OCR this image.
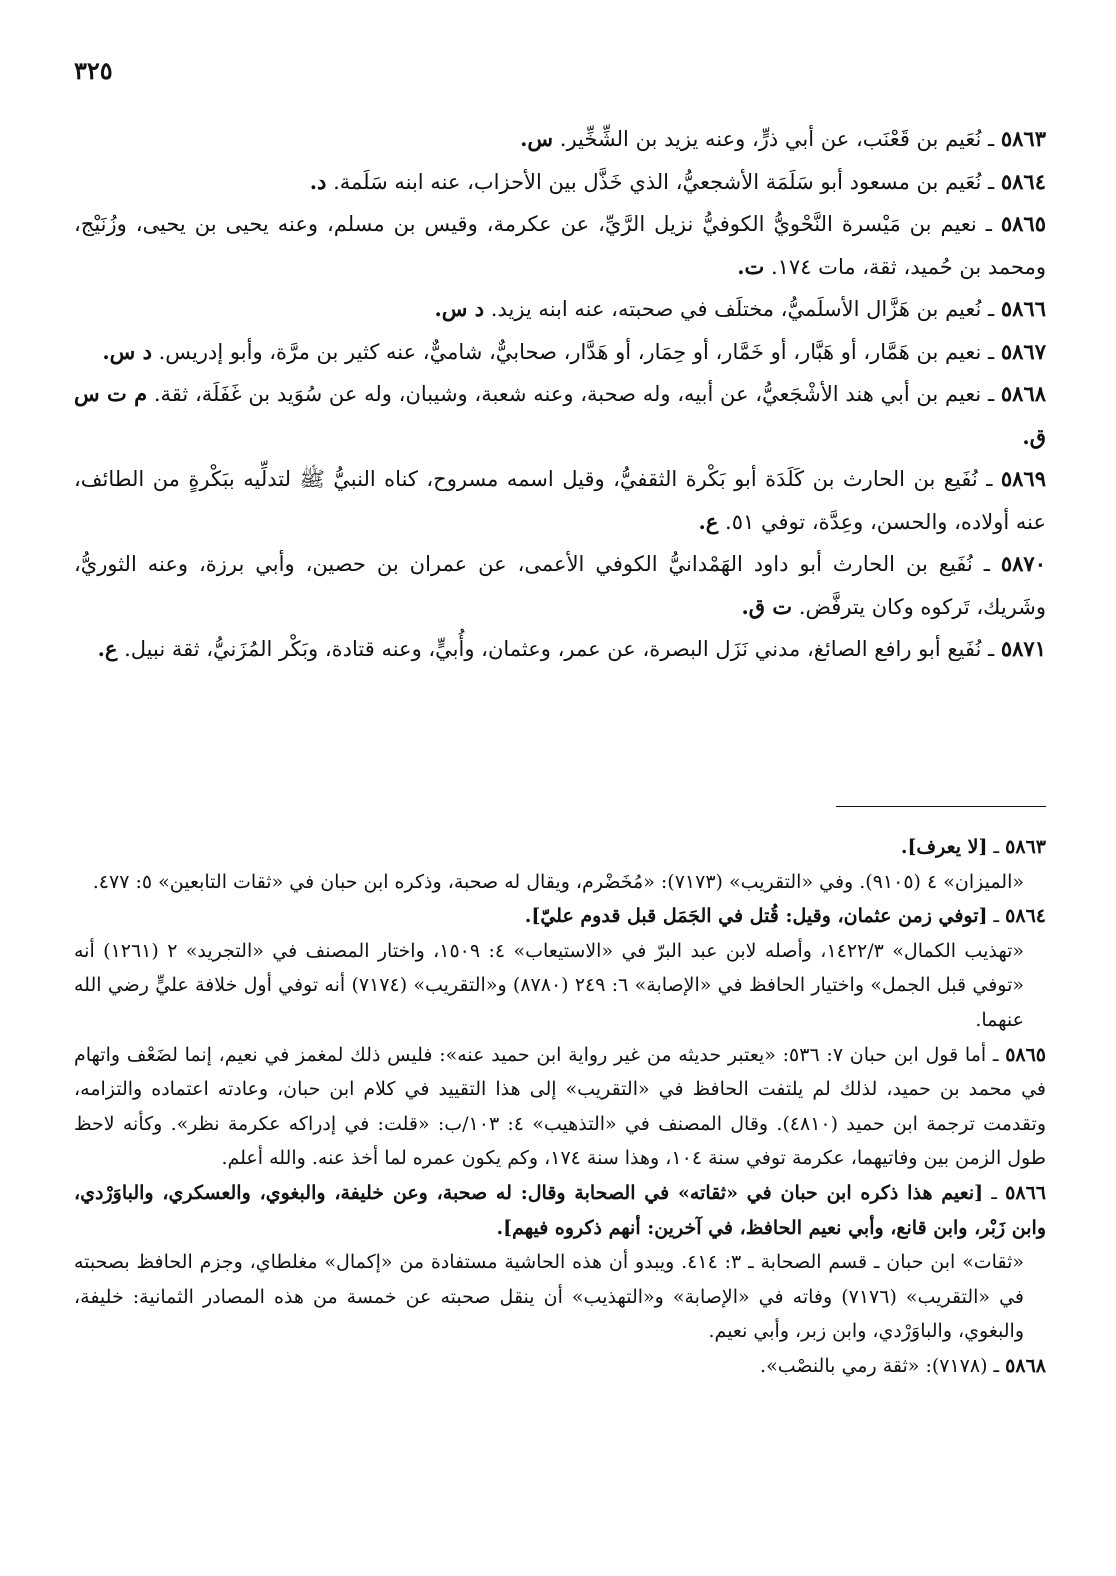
٣٢٥

٥٨٦٣ ـ نُعَيم بن قَعْنَب، عن أبي ذرٍّ، وعنه يزيد بن الشِّخِّير. س.

٥٨٦٤ ـ نُعَيم بن مسعود أبو سَلَمَة الأشجعيُّ، الذي خَذَّل بين الأحزاب، عنه ابنه سَلَمة. د.

٥٨٦٥ ـ نعيم بن مَيْسرة النَّحْويُّ الكوفيُّ نزيل الرَّيِّ، عن عكرمة، وقيس بن مسلم، وعنه يحيى بن يحيى، وزُنَيْج، ومحمد بن حُميد، ثقة، مات ١٧٤. ت.

٥٨٦٦ ـ نُعيم بن هَزَّال الأسلَميُّ، مختلَف في صحبته، عنه ابنه يزيد. د س.

٥٨٦٧ ـ نعيم بن هَمَّار، أو هَبَّار، أو خَمَّار، أو حِمَار، أو هَدَّار، صحابيٌّ، شاميٌّ، عنه كثير بن مرَّة، وأبو إدريس. د س.

٥٨٦٨ ـ نعيم بن أبي هند الأشْجَعيُّ، عن أبيه، وله صحبة، وعنه شعبة، وشيبان، وله عن سُوَيد بن غَفَلَة، ثقة. م ت س ق.

٥٨٦٩ ـ نُفَيع بن الحارث بن كَلَدَة أبو بَكْرة الثقفيُّ، وقيل اسمه مسروح، كناه النبيُّ ﷺ لتدلِّيه ببَكْرةٍ من الطائف، عنه أولاده، والحسن، وعِدَّة، توفي ٥١. ع.

٥٨٧٠ ـ نُفَيع بن الحارث أبو داود الهَمْدانيُّ الكوفي الأعمى، عن عمران بن حصين، وأبي برزة، وعنه الثوريُّ، وشَريك، تَركوه وكان يترفَّض. ت ق.

٥٨٧١ ـ نُفَيع أبو رافع الصائغ، مدني نَزَل البصرة، عن عمر، وعثمان، وأُبيٍّ، وعنه قتادة، وبَكْر المُزَنيُّ، ثقة نبيل. ع.

٥٨٦٣ ـ [لا يعرف].

«الميزان» ٤ (٩١٠٥). وفي «التقريب» (٧١٧٣): «مُخَضْرم، ويقال له صحبة، وذكره ابن حبان في «ثقات التابعين» ٥: ٤٧٧.

٥٨٦٤ ـ [توفي زمن عثمان، وقيل: قُتل في الجَمَل قبل قدوم عليّ].

«تهذيب الكمال» ١٤٢٢/٣، وأصله لابن عبد البرّ في «الاستيعاب» ٤: ١٥٠٩، واختار المصنف في «التجريد» ٢ (١٢٦١) أنه «توفي قبل الجمل» واختيار الحافظ في «الإصابة» ٦: ٢٤٩ (٨٧٨٠) و«التقريب» (٧١٧٤) أنه توفي أول خلافة عليٍّ رضي الله عنهما.

٥٨٦٥ ـ أما قول ابن حبان ٧: ٥٣٦: «يعتبر حديثه من غير رواية ابن حميد عنه»: فليس ذلك لمغمز في نعيم، إنما لضَعْف واتهام في محمد بن حميد، لذلك لم يلتفت الحافظ في «التقريب» إلى هذا التقييد في كلام ابن حبان، وعادته اعتماده والتزامه، وتقدمت ترجمة ابن حميد (٤٨١٠). وقال المصنف في «التذهيب» ٤: ١٠٣/ب: «قلت: في إدراكه عكرمة نظر». وكأنه لاحظ طول الزمن بين وفاتيهما، عكرمة توفي سنة ١٠٤، وهذا سنة ١٧٤، وكم يكون عمره لما أخذ عنه. والله أعلم.

٥٨٦٦ ـ [نعيم هذا ذكره ابن حبان في «ثقاته» في الصحابة وقال: له صحبة، وعن خليفة، والبغوي، والعسكري، والباوَرْدي، وابن زَبْر، وابن قانع، وأبي نعيم الحافظ، في آخرين: أنهم ذكروه فيهم].

«ثقات» ابن حبان ـ قسم الصحابة ـ ٣: ٤١٤. ويبدو أن هذه الحاشية مستفادة من «إكمال» مغلطاي، وجزم الحافظ بصحبته في «التقريب» (٧١٧٦) وفاته في «الإصابة» و«التهذيب» أن ينقل صحبته عن خمسة من هذه المصادر الثمانية: خليفة، والبغوي، والباوَرْدي، وابن زبر، وأبي نعيم.

٥٨٦٨ ـ (٧١٧٨): «ثقة رمي بالنصْب».
